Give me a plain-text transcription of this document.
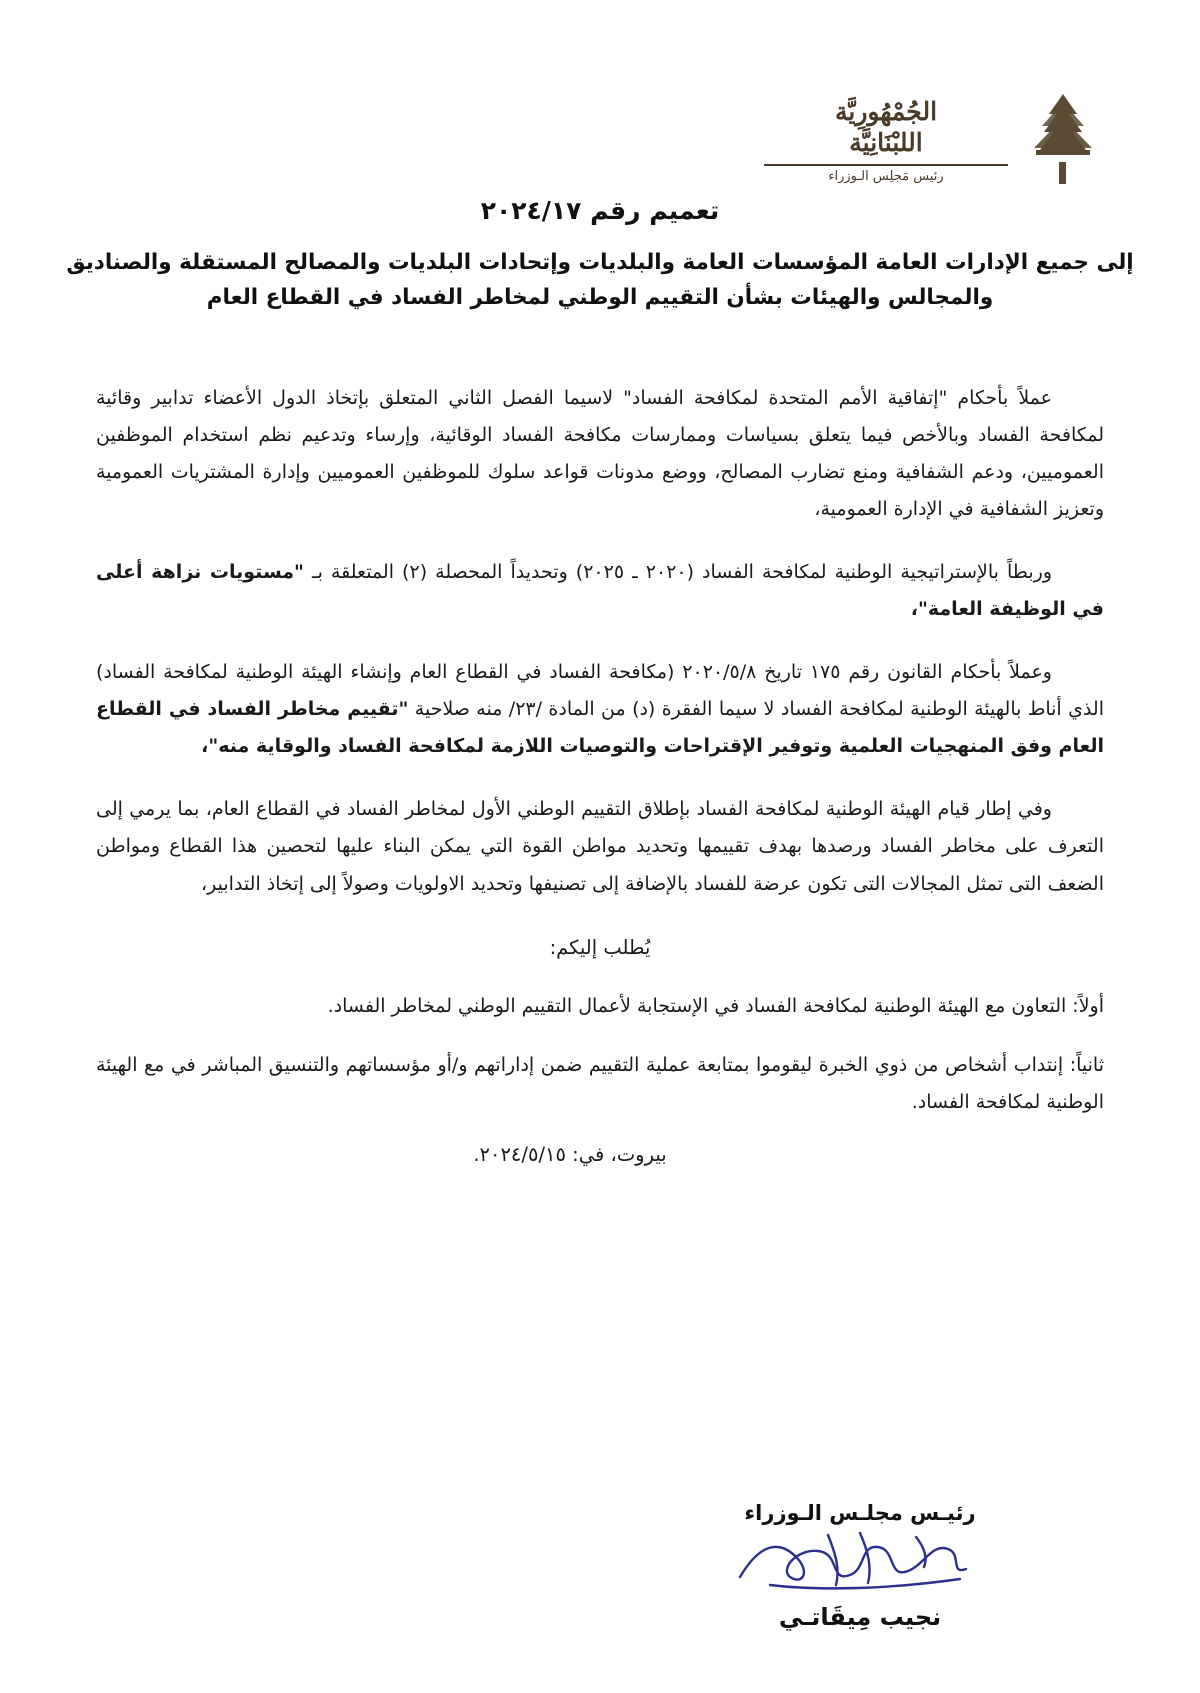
الجُمْهُورِيَّة
اللبْنَانِيَّة
رئيس مَجلِس الـوزراء
تعميم رقم ٢٠٢٤/١٧
إلى جميع الإدارات العامة المؤسسات العامة والبلديات وإتحادات البلديات والمصالح المستقلة والصناديق
والمجالس والهيئات بشأن التقييم الوطني لمخاطر الفساد في القطاع العام

عملاً بأحكام "إتفاقية الأمم المتحدة لمكافحة الفساد" لاسيما الفصل الثاني المتعلق بإتخاذ الدول الأعضاء تدابير وقائية لمكافحة الفساد وبالأخص فيما يتعلق بسياسات وممارسات مكافحة الفساد الوقائية، وإرساء وتدعيم نظم استخدام الموظفين العموميين، ودعم الشفافية ومنع تضارب المصالح، ووضع مدونات قواعد سلوك للموظفين العموميين وإدارة المشتريات العمومية وتعزيز الشفافية في الإدارة العمومية،

وربطاً بالإستراتيجية الوطنية لمكافحة الفساد (٢٠٢٠ ـ ٢٠٢٥) وتحديداً المحصلة (٢) المتعلقة بـ "مستويات نزاهة أعلى في الوظيفة العامة"،

وعملاً بأحكام القانون رقم ١٧٥ تاريخ ٢٠٢٠/٥/٨ (مكافحة الفساد في القطاع العام وإنشاء الهيئة الوطنية لمكافحة الفساد) الذي أناط بالهيئة الوطنية لمكافحة الفساد لا سيما الفقرة (د) من المادة /٢٣/ منه صلاحية "تقييم مخاطر الفساد في القطاع العام وفق المنهجيات العلمية وتوفير الإقتراحات والتوصيات اللازمة لمكافحة الفساد والوقاية منه"،

وفي إطار قيام الهيئة الوطنية لمكافحة الفساد بإطلاق التقييم الوطني الأول لمخاطر الفساد في القطاع العام، بما يرمي إلى التعرف على مخاطر الفساد ورصدها بهدف تقييمها وتحديد مواطن القوة التي يمكن البناء عليها لتحصين هذا القطاع ومواطن الضعف التى تمثل المجالات التى تكون عرضة للفساد بالإضافة إلى تصنيفها وتحديد الاولويات وصولاً إلى إتخاذ التدابير،

يُطلب إليكم:

أولاً: التعاون مع الهيئة الوطنية لمكافحة الفساد في الإستجابة لأعمال التقييم الوطني لمخاطر الفساد.

ثانياً: إنتداب أشخاص من ذوي الخبرة ليقوموا بمتابعة عملية التقييم ضمن إداراتهم و/أو مؤسساتهم والتنسيق المباشر في مع الهيئة الوطنية لمكافحة الفساد.

بيروت، في: ٢٠٢٤/٥/١٥.

رئيـس مجلـس الـوزراء
نجيب مِيقَاتـي
